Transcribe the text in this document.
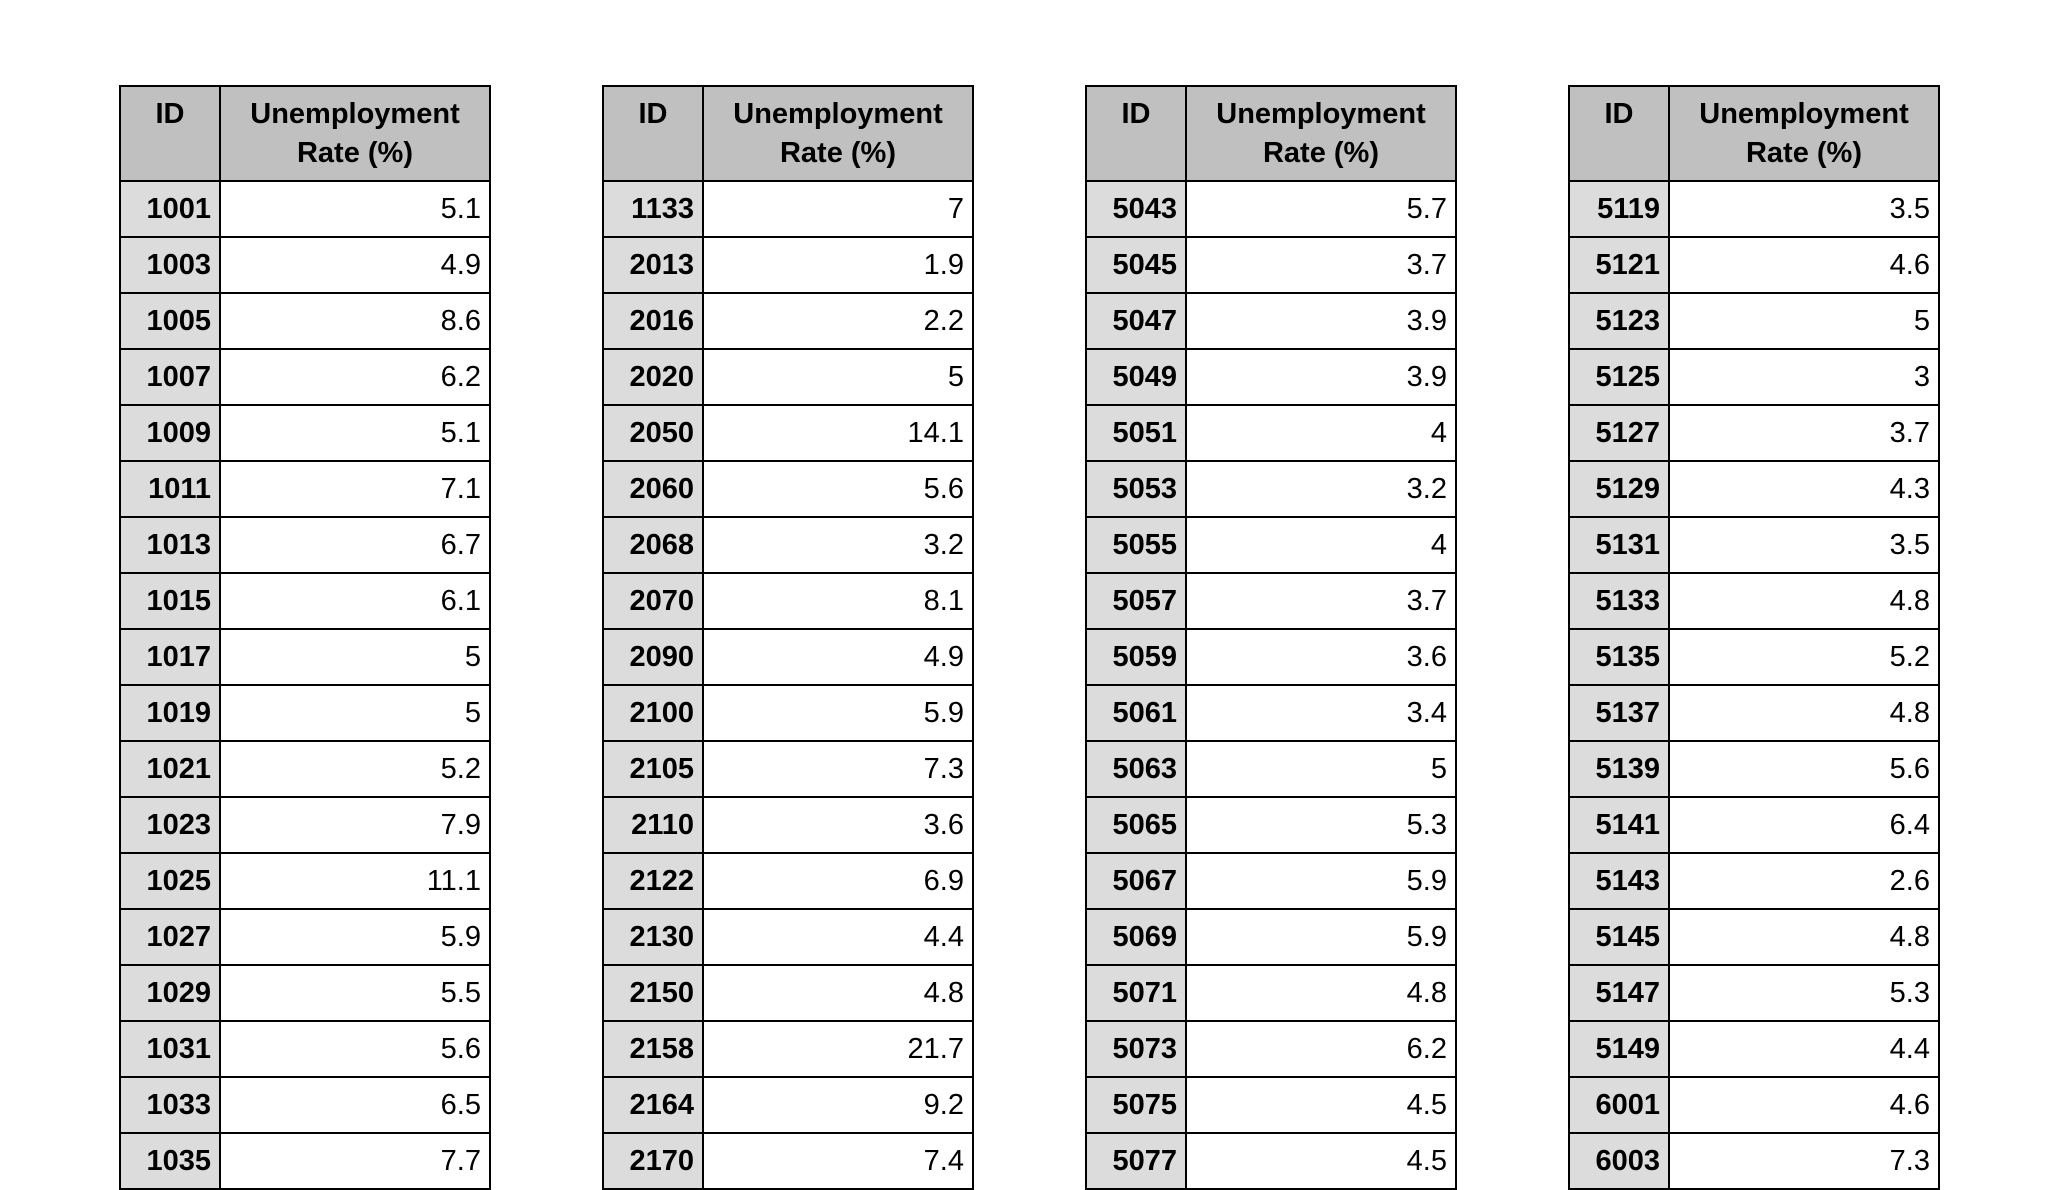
ID	Unemployment Rate (%)
1001	5.1
1003	4.9
1005	8.6
1007	6.2
1009	5.1
1011	7.1
1013	6.7
1015	6.1
1017	5
1019	5
1021	5.2
1023	7.9
1025	11.1
1027	5.9
1029	5.5
1031	5.6
1033	6.5
1035	7.7
ID	Unemployment Rate (%)
1133	7
2013	1.9
2016	2.2
2020	5
2050	14.1
2060	5.6
2068	3.2
2070	8.1
2090	4.9
2100	5.9
2105	7.3
2110	3.6
2122	6.9
2130	4.4
2150	4.8
2158	21.7
2164	9.2
2170	7.4
ID	Unemployment Rate (%)
5043	5.7
5045	3.7
5047	3.9
5049	3.9
5051	4
5053	3.2
5055	4
5057	3.7
5059	3.6
5061	3.4
5063	5
5065	5.3
5067	5.9
5069	5.9
5071	4.8
5073	6.2
5075	4.5
5077	4.5
ID	Unemployment Rate (%)
5119	3.5
5121	4.6
5123	5
5125	3
5127	3.7
5129	4.3
5131	3.5
5133	4.8
5135	5.2
5137	4.8
5139	5.6
5141	6.4
5143	2.6
5145	4.8
5147	5.3
5149	4.4
6001	4.6
6003	7.3
